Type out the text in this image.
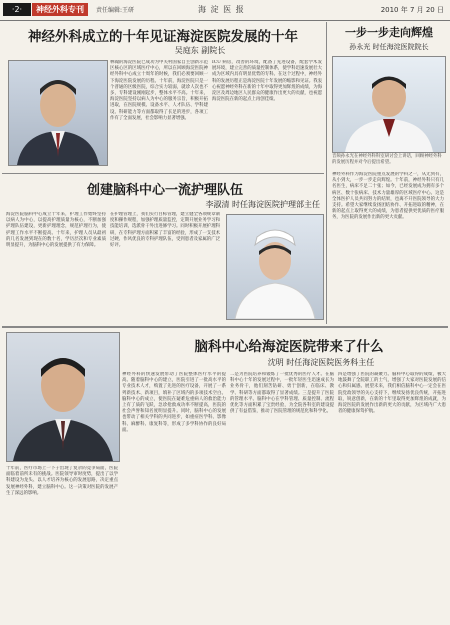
·2·	神经外科专刊	责任编辑:王研	海 淀 医 报	2010 年 7 月 20 日
神经外科成立的十年见证海淀医院发展的十年
吴庭东 副院长
林翰的海淀医院已成功为中关村国家自主创新示范区核心区的区域医疗中心，所以在回顾海淀医院神经外科中心成立十周年的时候，我们必须要回顾一下海淀医院发展的历程。十年前，海淀医院只是一个普通的区级医院，综合实力较弱，就诊人次也不多，专科建设刚刚起步，整体水平不高。十年来，海淀医院坚持以病人为中心的服务宗旨，积极开拓进取，在医院规模、设备水平、人才队伍、学科建设、科研能力等方面都取得了长足的进步，各项工作有了全面发展，社会影响力显著增强。
ICU 病房，改善的环境，配备了先进设备，配套学术发展环境，建立完善的质量控制体系，使学科迅速发展壮大成为区域内具有明显优势的专科。在这个过程中，神经外科的发展历程正是海淀医院十年发展的缩影和见证。我衷心祝愿神经外科在新的十年中取得更加辉煌的成绩，为海淀区及周边地区人民群众的健康作出更大的贡献，也祝愿海淀医院在新的起点上再创佳绩。
一步一步走向辉煌
孙永光 时任海淀医院院长
音频孙永光在神经外科科室研讨会上讲话，回顾神经外科的发展历程并对今后提出希望。
神经外科作为海淀医院重点发展的学科之一，从无到有，从小到大，一步一步走向辉煌。十年前，神经外科只有几名医生，病床不足二十张；如今，已经发展成为拥有多个病区、数十张病床、技术力量雄厚的区域医疗中心。这是全体医护人员共同努力的结果，也离不开医院领导的大力支持。希望大家继续发扬团结协作、开拓进取的精神，在新的起点上取得更大的成绩，为患者提供更优质的医疗服务，为医院的发展作出新的更大贡献。
创建脑科中心一流护理队伍
李淑清 时任海淀医院护理部主任
海淀医院脑科中心成立十年来，护理工作始终坚持以病人为中心，以提高护理质量为核心，不断加强护理队伍建设，更新护理理念，规范护理行为，使护理工作水平不断提高。十年来，护理人员从最初的几名发展到现在的数十名，学历层次和专业素质明显提升，为脑科中心的发展提供了有力保障。
在护理管理上，我们实行目标管理，建立健全各项规章制度和操作规程，加强护理质量监控，定期开展业务学习和技能培训，选派骨干外出进修学习。同时积极开展护理科研，在专科护理方面积累了丰富的经验，形成了一支技术过硬、作风优良的专科护理队伍，受到患者及家属的广泛好评。
脑科中心给海淀医院带来了什么
沈明 时任海淀医院医务科主任
十年前，医疗市场上一下子出现了复杂的竞争局面，医院面临着前所未有的挑战。医院领导审时度势，提出了以学科建设为龙头、以人才培养为核心的发展思路，决定重点发展神经外科，建立脑科中心。这一决策对医院的发展产生了深远的影响。
神经外科的快速发展带动了医院整体医疗水平的提高。随着脑科中心的建立，医院引进了一批高水平的专业技术人才，购置了先进的医疗设备，开展了一系列新技术、新项目，填补了区域内的多项技术空白。脑科中心的成立，使医院在疑难危重病人的救治能力上有了质的飞跃，急诊抢救成功率不断提高，医院的社会声誉和知名度明显提升。同时，脑科中心的发展也带动了相关学科的共同进步，如重症医学科、影像科、麻醉科、康复科等，形成了多学科协作的良好局面。
二是为医院培养和锻炼了一批优秀的医疗人才。在脑科中心十年的发展过程中，一批年轻医生迅速成长为业务骨干，他们刻苦钻研、勇于创新，在临床、教学、科研等方面都取得了显著成绩。三是提升了医院的管理水平。脑科中心在学科管理、质量控制、流程优化等方面积累了宝贵经验，为全院各科室的建设提供了有益借鉴，推动了医院管理的规范化和科学化。
四是增强了医院的凝聚力。脑科中心取得的成绩，极大地鼓舞了全院职工的士气，增强了大家对医院发展的信心和归属感。展望未来，我们相信脑科中心一定会在医院党政领导的关心支持下，继续发扬优良传统，开拓进取，锐意创新，在新的十年里取得更加辉煌的成就，为海淀医院的发展作出新的更大的贡献，为区域内广大患者的健康保驾护航。
